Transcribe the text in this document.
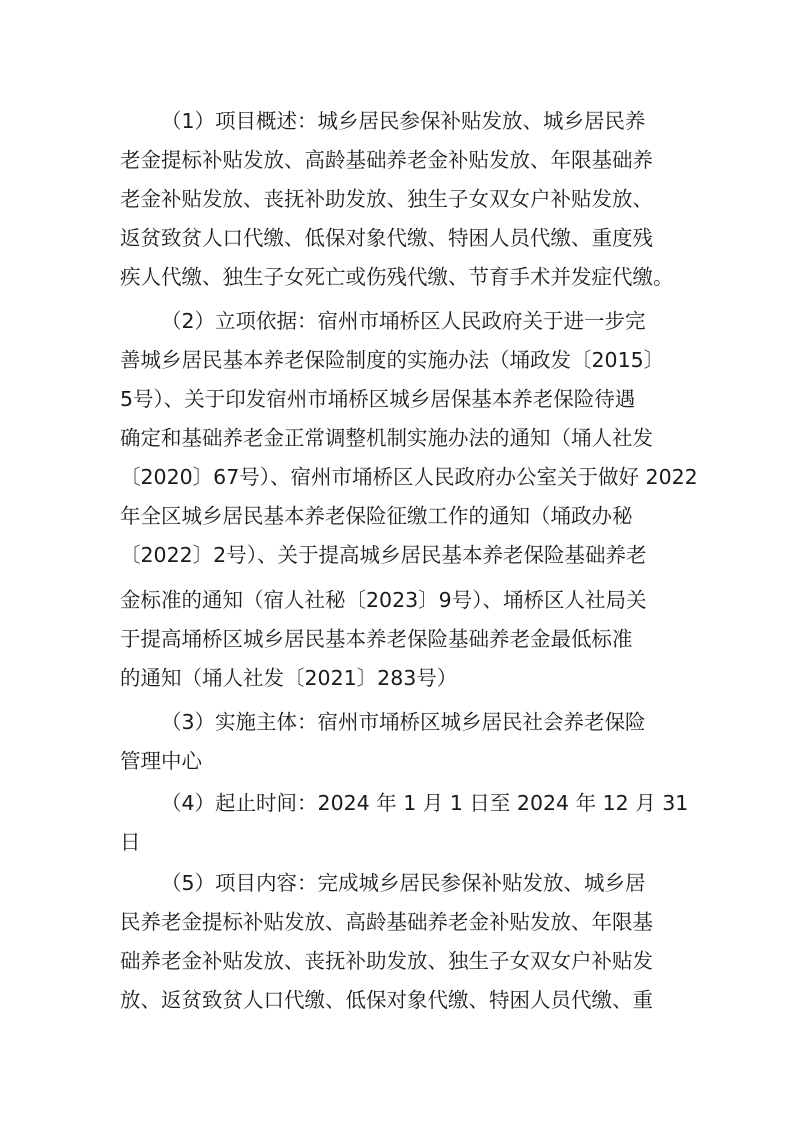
（1）项目概述：城乡居民参保补贴发放、城乡居民养
老金提标补贴发放、高龄基础养老金补贴发放、年限基础养
老金补贴发放、丧抚补助发放、独生子女双女户补贴发放、
返贫致贫人口代缴、低保对象代缴、特困人员代缴、重度残
疾人代缴、独生子女死亡或伤残代缴、节育手术并发症代缴。
（2）立项依据：宿州市埇桥区人民政府关于进一步完
善城乡居民基本养老保险制度的实施办法（埇政发〔2015〕
5号）、关于印发宿州市埇桥区城乡居保基本养老保险待遇
确定和基础养老金正常调整机制实施办法的通知（埇人社发
〔2020〕67号）、宿州市埇桥区人民政府办公室关于做好 2022
年全区城乡居民基本养老保险征缴工作的通知（埇政办秘
〔2022〕2号）、关于提高城乡居民基本养老保险基础养老
金标准的通知（宿人社秘〔2023〕9号）、埇桥区人社局关
于提高埇桥区城乡居民基本养老保险基础养老金最低标准
的通知（埇人社发〔2021〕283号）
（3）实施主体：宿州市埇桥区城乡居民社会养老保险
管理中心
（4）起止时间：2024 年 1 月 1 日至 2024 年 12 月 31
日
（5）项目内容：完成城乡居民参保补贴发放、城乡居
民养老金提标补贴发放、高龄基础养老金补贴发放、年限基
础养老金补贴发放、丧抚补助发放、独生子女双女户补贴发
放、返贫致贫人口代缴、低保对象代缴、特困人员代缴、重
